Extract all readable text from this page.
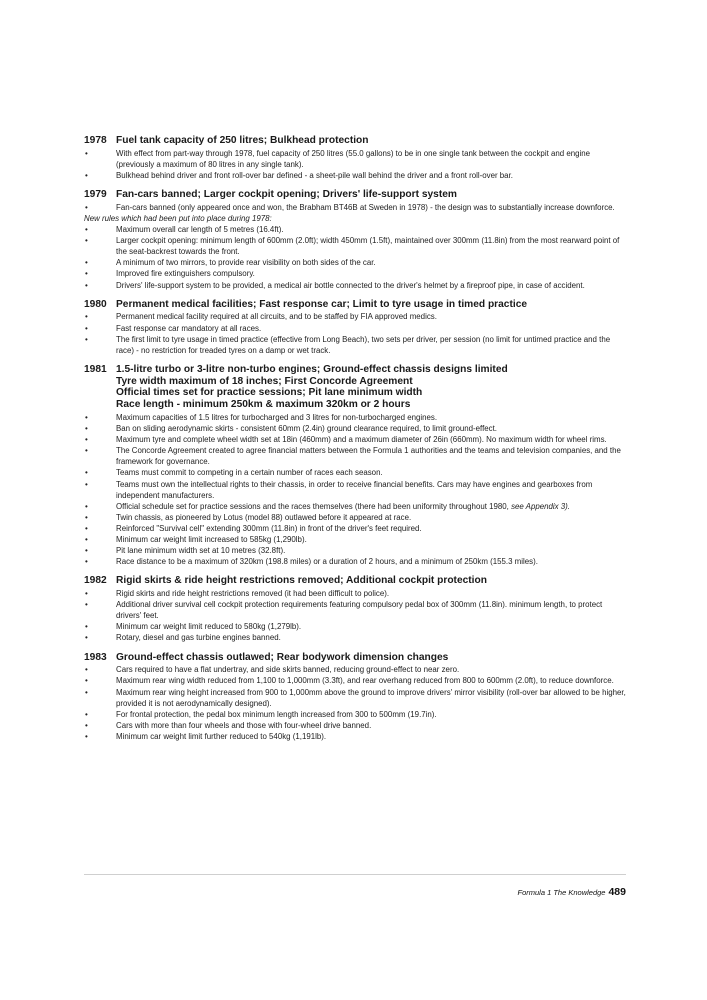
1978 Fuel tank capacity of 250 litres; Bulkhead protection
• With effect from part-way through 1978, fuel capacity of 250 litres (55.0 gallons) to be in one single tank between the cockpit and engine (previously a maximum of 80 litres in any single tank).
• Bulkhead behind driver and front roll-over bar defined - a sheet-pile wall behind the driver and a front roll-over bar.
1979 Fan-cars banned; Larger cockpit opening; Drivers' life-support system
• Fan-cars banned (only appeared once and won, the Brabham BT46B at Sweden in 1978) - the design was to substantially increase downforce.
New rules which had been put into place during 1978:
• Maximum overall car length of 5 metres (16.4ft).
• Larger cockpit opening: minimum length of 600mm (2.0ft); width 450mm (1.5ft), maintained over 300mm (11.8in) from the most rearward point of the seat-backrest towards the front.
• A minimum of two mirrors, to provide rear visibility on both sides of the car.
• Improved fire extinguishers compulsory.
• Drivers' life-support system to be provided, a medical air bottle connected to the driver's helmet by a fireproof pipe, in case of accident.
1980 Permanent medical facilities; Fast response car; Limit to tyre usage in timed practice
• Permanent medical facility required at all circuits, and to be staffed by FIA approved medics.
• Fast response car mandatory at all races.
• The first limit to tyre usage in timed practice (effective from Long Beach), two sets per driver, per session (no limit for untimed practice and the race) - no restriction for treaded tyres on a damp or wet track.
1981 1.5-litre turbo or 3-litre non-turbo engines; Ground-effect chassis designs limited
Tyre width maximum of 18 inches; First Concorde Agreement
Official times set for practice sessions; Pit lane minimum width
Race length - minimum 250km & maximum 320km or 2 hours
• Maximum capacities of 1.5 litres for turbocharged and 3 litres for non-turbocharged engines.
• Ban on sliding aerodynamic skirts - consistent 60mm (2.4in) ground clearance required, to limit ground-effect.
• Maximum tyre and complete wheel width set at 18in (460mm) and a maximum diameter of 26in (660mm). No maximum width for wheel rims.
• The Concorde Agreement created to agree financial matters between the Formula 1 authorities and the teams and television companies, and the framework for governance.
• Teams must commit to competing in a certain number of races each season.
• Teams must own the intellectual rights to their chassis, in order to receive financial benefits. Cars may have engines and gearboxes from independent manufacturers.
• Official schedule set for practice sessions and the races themselves (there had been uniformity throughout 1980, see Appendix 3).
• Twin chassis, as pioneered by Lotus (model 88) outlawed before it appeared at race.
• Reinforced "Survival cell" extending 300mm (11.8in) in front of the driver's feet required.
• Minimum car weight limit increased to 585kg (1,290lb).
• Pit lane minimum width set at 10 metres (32.8ft).
• Race distance to be a maximum of 320km (198.8 miles) or a duration of 2 hours, and a minimum of 250km (155.3 miles).
1982 Rigid skirts & ride height restrictions removed; Additional cockpit protection
• Rigid skirts and ride height restrictions removed (it had been difficult to police).
• Additional driver survival cell cockpit protection requirements featuring compulsory pedal box of 300mm (11.8in). minimum length, to protect drivers' feet.
• Minimum car weight limit reduced to 580kg (1,279lb).
• Rotary, diesel and gas turbine engines banned.
1983 Ground-effect chassis outlawed; Rear bodywork dimension changes
• Cars required to have a flat undertray, and side skirts banned, reducing ground-effect to near zero.
• Maximum rear wing width reduced from 1,100 to 1,000mm (3.3ft), and rear overhang reduced from 800 to 600mm (2.0ft), to reduce downforce.
• Maximum rear wing height increased from 900 to 1,000mm above the ground to improve drivers' mirror visibility (roll-over bar allowed to be higher, provided it is not aerodynamically designed).
• For frontal protection, the pedal box minimum length increased from 300 to 500mm (19.7in).
• Cars with more than four wheels and those with four-wheel drive banned.
• Minimum car weight limit further reduced to 540kg (1,191lb).
Formula 1 The Knowledge 489
